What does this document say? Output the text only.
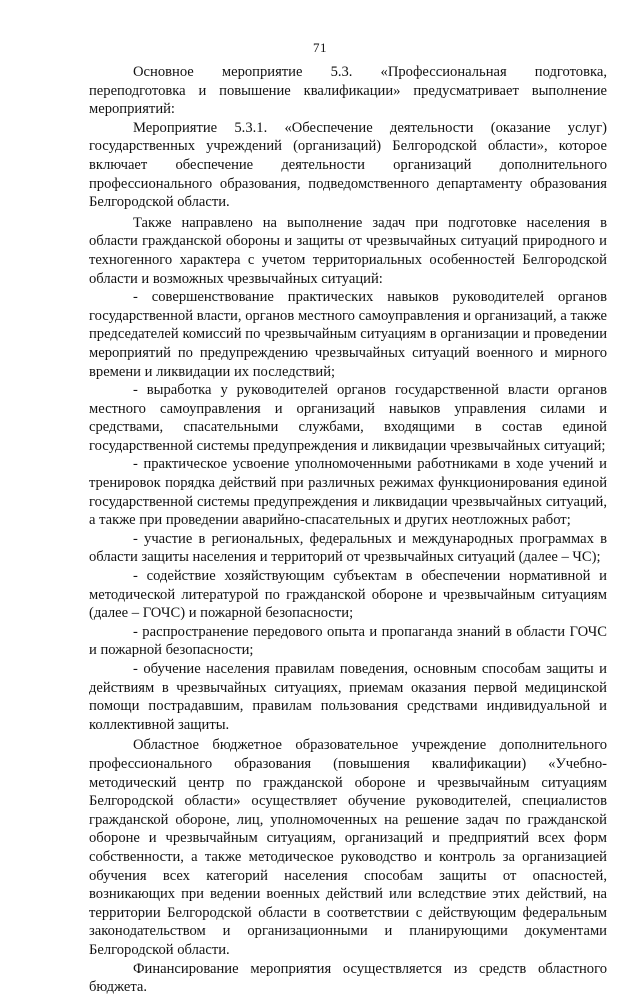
71

Основное мероприятие 5.3. «Профессиональная подготовка, переподготовка и повышение квалификации» предусматривает выполнение мероприятий:

Мероприятие 5.3.1. «Обеспечение деятельности (оказание услуг) государственных учреждений (организаций) Белгородской области», которое включает обеспечение деятельности организаций дополнительного профессионального образования, подведомственного департаменту образования Белгородской области.

Также направлено на выполнение задач при подготовке населения в области гражданской обороны и защиты от чрезвычайных ситуаций природного и техногенного характера с учетом территориальных особенностей Белгородской области и возможных чрезвычайных ситуаций:

- совершенствование практических навыков руководителей органов государственной власти, органов местного самоуправления и организаций, а также председателей комиссий по чрезвычайным ситуациям в организации и проведении мероприятий по предупреждению чрезвычайных ситуаций военного и мирного времени и ликвидации их последствий;

- выработка у руководителей органов государственной власти органов местного самоуправления и организаций навыков управления силами и средствами, спасательными службами, входящими в состав единой государственной системы предупреждения и ликвидации чрезвычайных ситуаций;

- практическое усвоение уполномоченными работниками в ходе учений и тренировок порядка действий при различных режимах функционирования единой государственной системы предупреждения и ликвидации чрезвычайных ситуаций, а также при проведении аварийно-спасательных и других неотложных работ;

- участие в региональных, федеральных и международных программах в области защиты населения и территорий от чрезвычайных ситуаций (далее – ЧС);

- содействие хозяйствующим субъектам в обеспечении нормативной и методической литературой по гражданской обороне и чрезвычайным ситуациям (далее – ГОЧС) и пожарной безопасности;

- распространение передового опыта и пропаганда знаний в области ГОЧС и пожарной безопасности;

- обучение населения правилам поведения, основным способам защиты и действиям в чрезвычайных ситуациях, приемам оказания первой медицинской помощи пострадавшим, правилам пользования средствами индивидуальной и коллективной защиты.

Областное бюджетное образовательное учреждение дополнительного профессионального образования (повышения квалификации) «Учебно-методический центр по гражданской обороне и чрезвычайным ситуациям Белгородской области» осуществляет обучение руководителей, специалистов гражданской обороне, лиц, уполномоченных на решение задач по гражданской обороне и чрезвычайным ситуациям, организаций и предприятий всех форм собственности, а также методическое руководство и контроль за организацией обучения всех категорий населения способам защиты от опасностей, возникающих при ведении военных действий или вследствие этих действий, на территории Белгородской области в соответствии с действующим федеральным законодательством и организационными и планирующими документами Белгородской области.

Финансирование мероприятия осуществляется из средств областного бюджета.
